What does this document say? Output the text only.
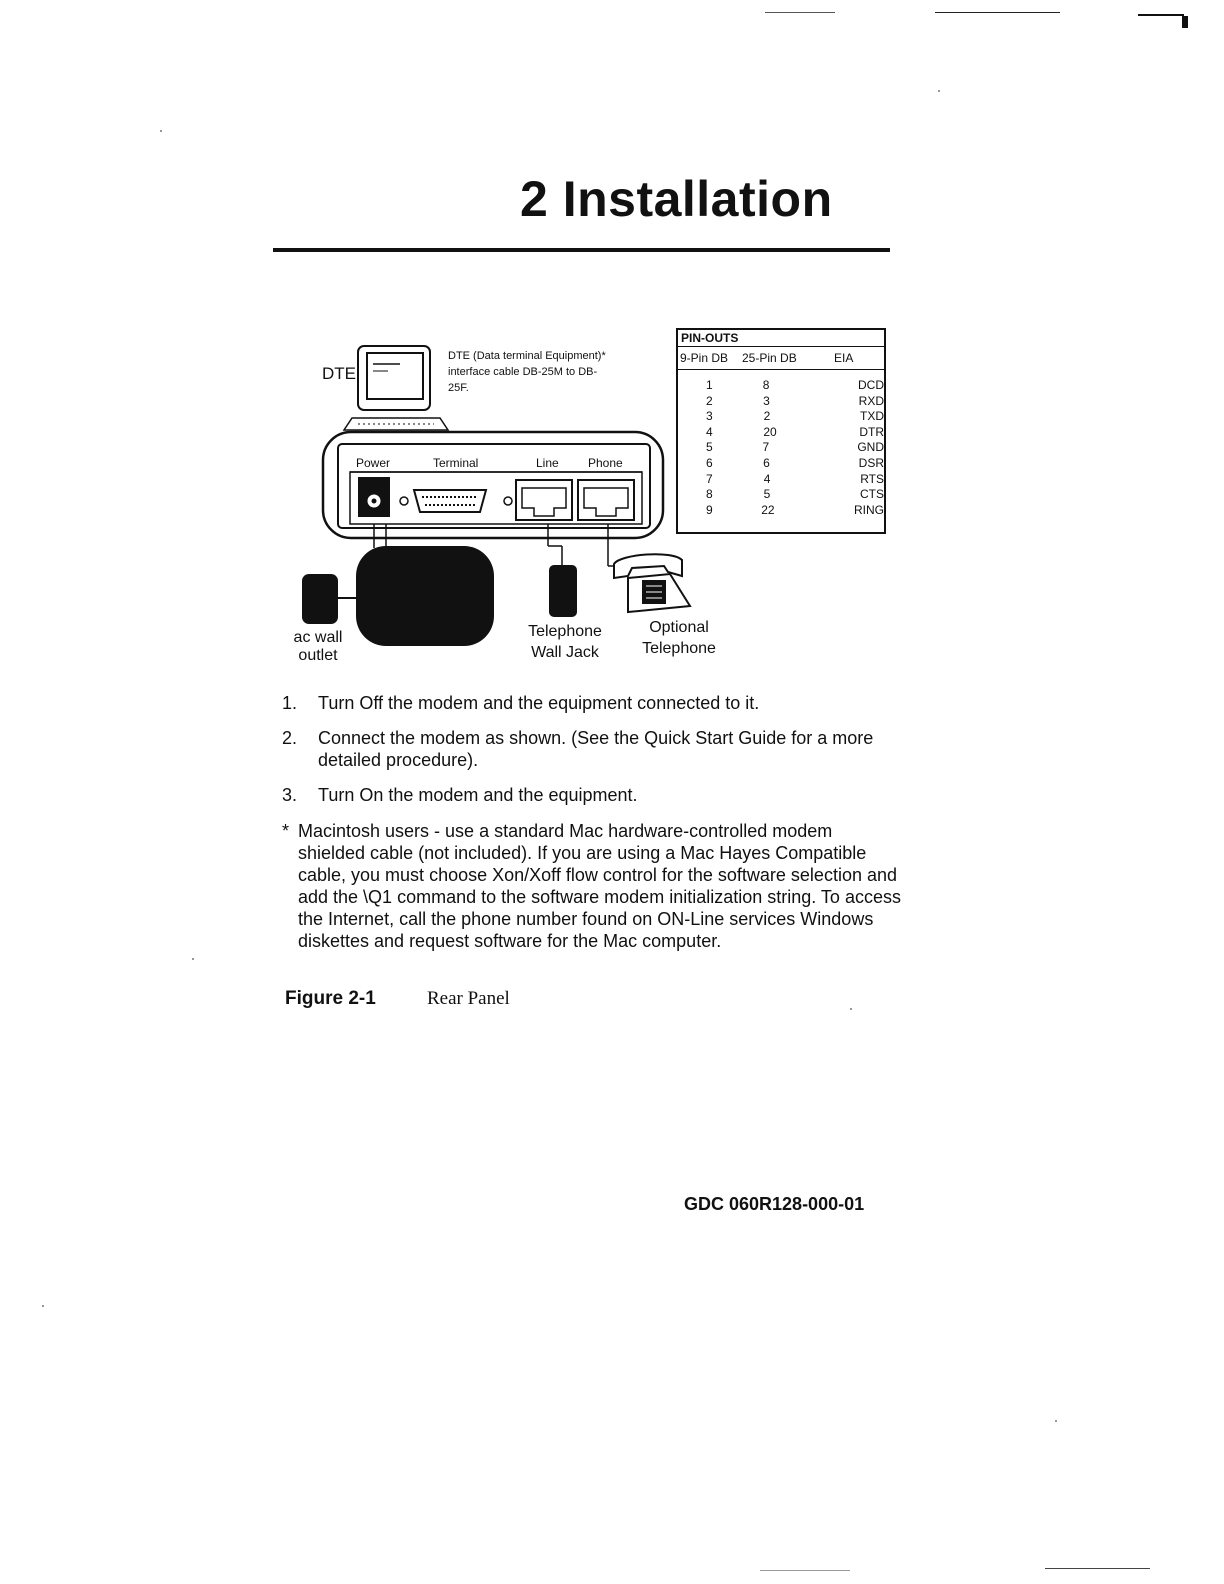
2 Installation
DTE
DTE (Data terminal Equipment)*
interface cable DB-25M to DB-
25F.
Power	Terminal	Line Phone
ac wall
outlet
Telephone
Wall Jack
Optional
Telephone
PIN-OUTS
9-Pin DB	25-Pin DB	EIA
1	8	DCD
2	3	RXD
3	2	TXD
4	20	DTR
5	7	GND
6	6	DSR
7	4	RTS
8	5	CTS
9	22	RING
1.	Turn Off the modem and the equipment connected to it.
2.	Connect the modem as shown. (See the Quick Start Guide for a more detailed procedure).
3.	Turn On the modem and the equipment.
* Macintosh users - use a standard Mac hardware-controlled modem shielded cable (not included). If you are using a Mac Hayes Compatible cable, you must choose Xon/Xoff flow control for the software selection and add the \Q1 command to the software modem initialization string. To access the Internet, call the phone number found on ON-Line services Windows diskettes and request software for the Mac computer.
Figure 2-1	Rear Panel
GDC 060R128-000-01
